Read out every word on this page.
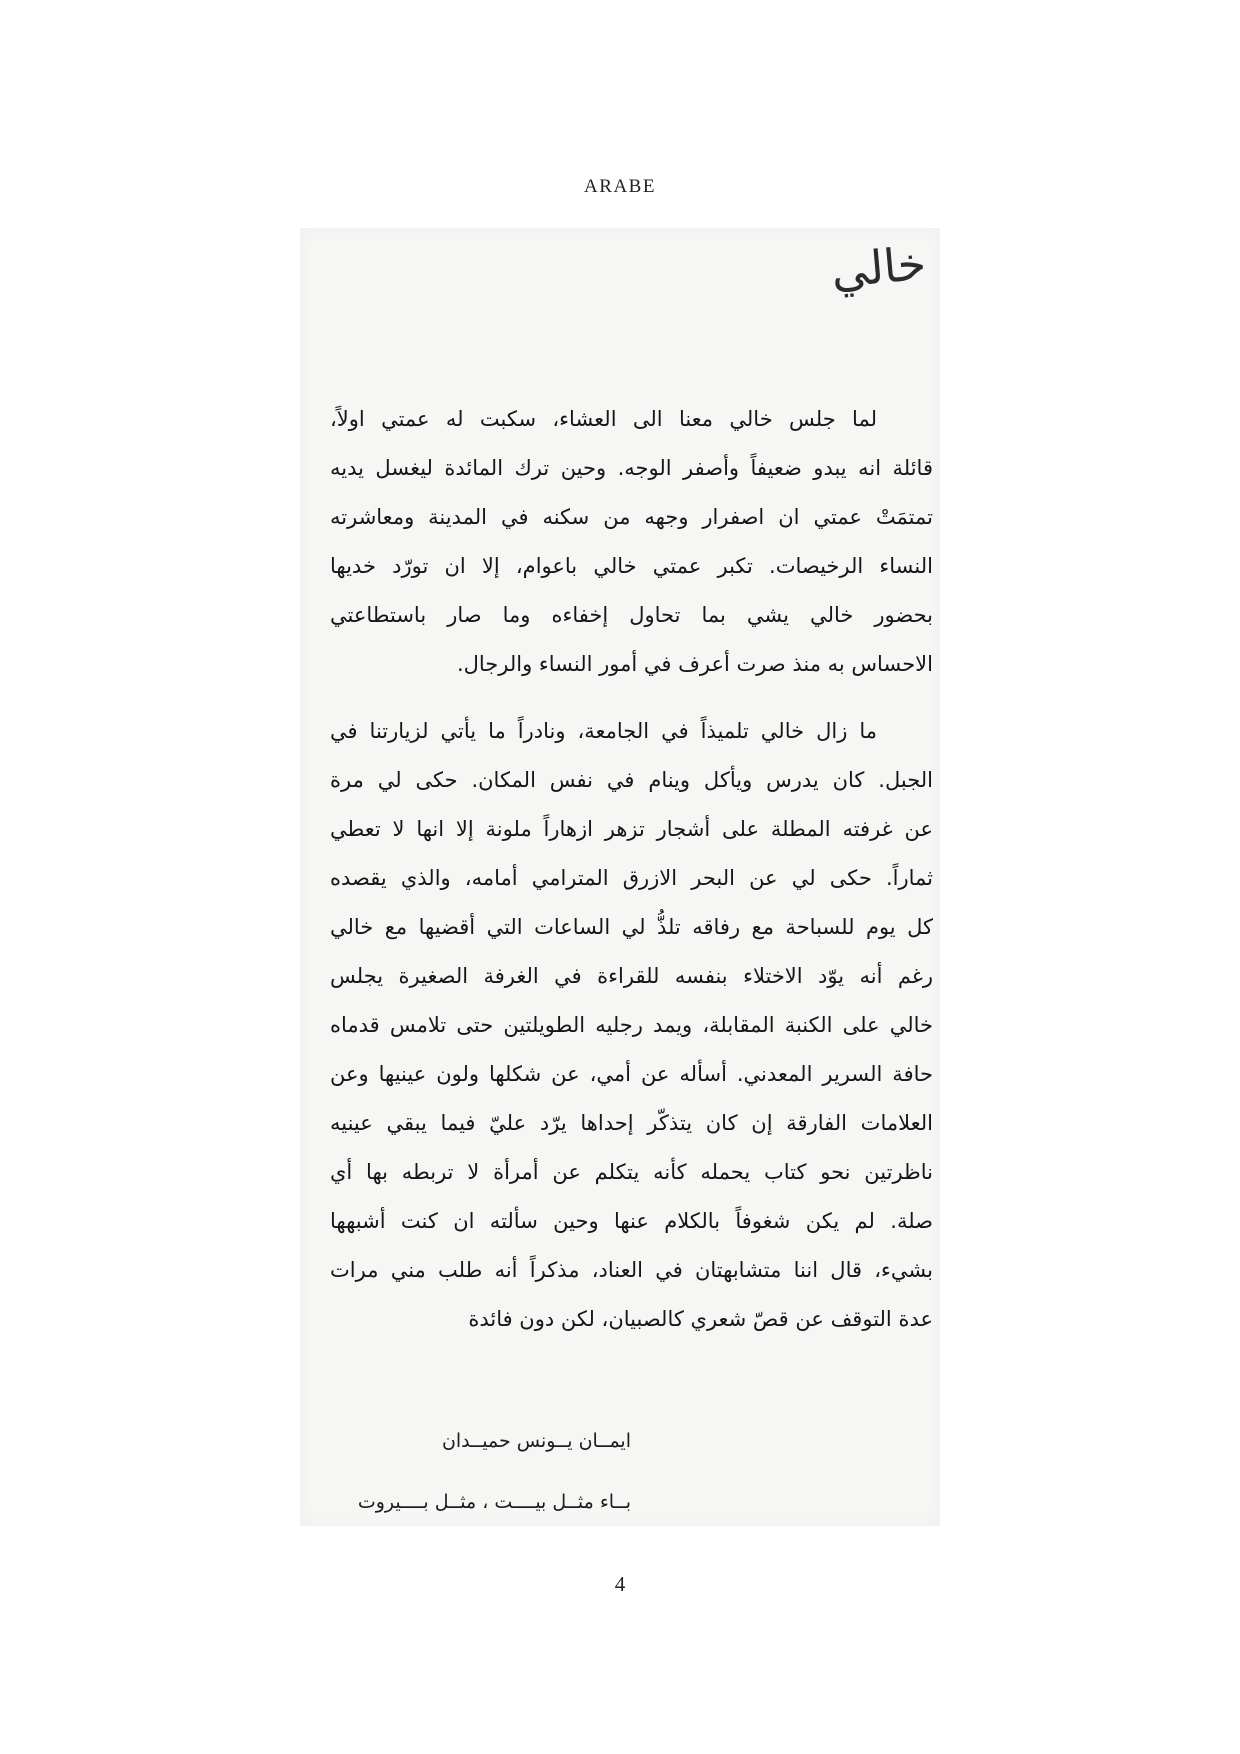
ARABE
خالي
لما جلس خالي معنا الى العشاء، سكبت له عمتي اولاً،
قائلة انه يبدو ضعيفاً وأصفر الوجه. وحين ترك المائدة ليغسل يديه
تمتمَتْ عمتي ان اصفرار وجهه من سكنه في المدينة ومعاشرته
النساء الرخيصات. تكبر عمتي خالي باعوام، إلا ان تورّد خديها
بحضور خالي يشي بما تحاول إخفاءه وما صار باستطاعتي
الاحساس به منذ صرت أعرف في أمور النساء والرجال.
ما زال خالي تلميذاً في الجامعة، ونادراً ما يأتي لزيارتنا في
الجبل. كان يدرس ويأكل وينام في نفس المكان. حكى لي مرة
عن غرفته المطلة على أشجار تزهر ازهاراً ملونة إلا انها لا تعطي
ثماراً. حكى لي عن البحر الازرق المترامي أمامه، والذي يقصده
كل يوم للسباحة مع رفاقه تلذُّ لي الساعات التي أقضيها مع خالي
رغم أنه يوّد الاختلاء بنفسه للقراءة في الغرفة الصغيرة يجلس
خالي على الكنبة المقابلة، ويمد رجليه الطويلتين حتى تلامس قدماه
حافة السرير المعدني. أسأله عن أمي، عن شكلها ولون عينيها وعن
العلامات الفارقة إن كان يتذكّر إحداها يرّد عليّ فيما يبقي عينيه
ناظرتين نحو كتاب يحمله كأنه يتكلم عن أمرأة لا تربطه بها أي
صلة. لم يكن شغوفاً بالكلام عنها وحين سألته ان كنت أشبهها
بشيء، قال اننا متشابهتان في العناد، مذكراً أنه طلب مني مرات
عدة التوقف عن قصّ شعري كالصبيان، لكن دون فائدة
ايمــان يــونس حميــدان
بــاء مثــل بيــــت ، مثــل بــــيروت
4
